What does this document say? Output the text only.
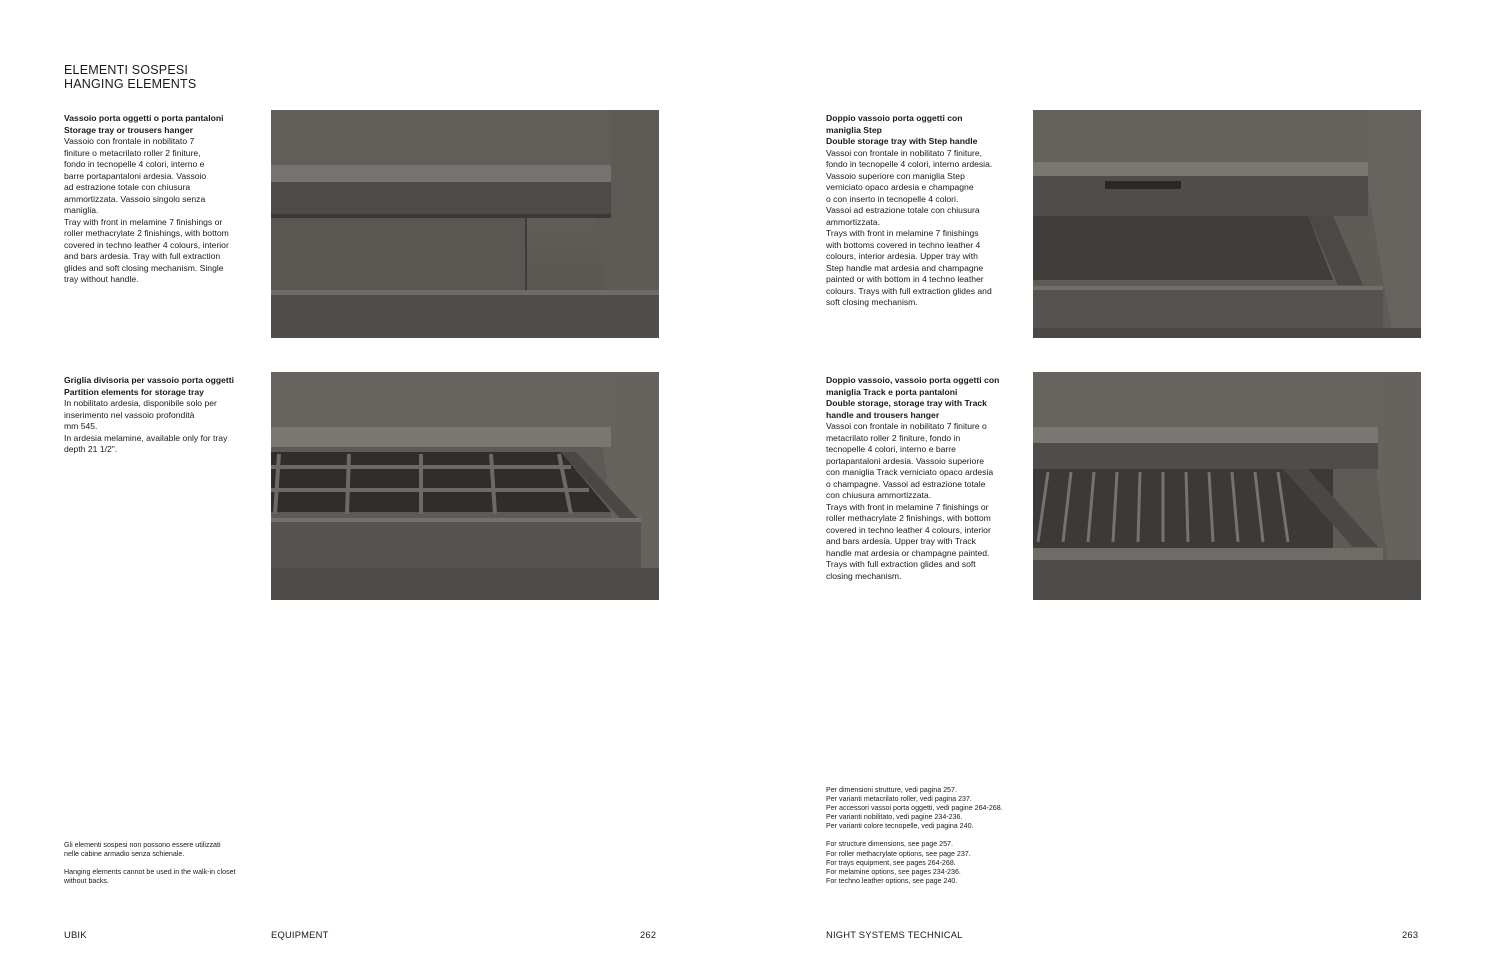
ELEMENTI SOSPESI
HANGING ELEMENTS
Vassoio porta oggetti o porta pantaloni
Storage tray or trousers hanger
Vassoio con frontale in nobilitato 7
finiture o metacrilato roller 2 finiture,
fondo in tecnopelle 4 colori, interno e
barre portapantaloni ardesia. Vassoio
ad estrazione totale con chiusura
ammortizzata. Vassoio singolo senza
maniglia.
Tray with front in melamine 7 finishings or
roller methacrylate 2 finishings, with bottom
covered in techno leather 4 colours, interior
and bars ardesia. Tray with full extraction
glides and soft closing mechanism. Single
tray without handle.
Doppio vassoio porta oggetti con
maniglia Step
Double storage tray with Step handle
Vassoi con frontale in nobilitato 7 finiture,
fondo in tecnopelle 4 colori, interno ardesia.
Vassoio superiore con maniglia Step
verniciato opaco ardesia e champagne
o con inserto in tecnopelle 4 colori.
Vassoi ad estrazione totale con chiusura
ammortizzata.
Trays with front in melamine 7 finishings
with bottoms covered in techno leather 4
colours, interior ardesia. Upper tray with
Step handle mat ardesia and champagne
painted or with bottom in 4 techno leather
colours. Trays with full extraction glides and
soft closing mechanism.
Griglia divisoria per vassoio porta oggetti
Partition elements for storage tray
In nobilitato ardesia, disponibile solo per
inserimento nel vassoio profondità
mm 545.
In ardesia melamine, available only for tray
depth 21 1/2".
Doppio vassoio, vassoio porta oggetti con
maniglia Track e porta pantaloni
Double storage, storage tray with Track
handle and trousers hanger
Vassoi con frontale in nobilitato 7 finiture o
metacrilato roller 2 finiture, fondo in
tecnopelle 4 colori, interno e barre
portapantaloni ardesia. Vassoio superiore
con maniglia Track verniciato opaco ardesia
o champagne. Vassoi ad estrazione totale
con chiusura ammortizzata.
Trays with front in melamine 7 finishings or
roller methacrylate 2 finishings, with bottom
covered in techno leather 4 colours, interior
and bars ardesia. Upper tray with Track
handle mat ardesia or champagne painted.
Trays with full extraction glides and soft
closing mechanism.
Gli elementi sospesi non possono essere utilizzati
nelle cabine armadio senza schienale.
Hanging elements cannot be used in the walk-in closet
without backs.
Per dimensioni strutture, vedi pagina 257.
Per varianti metacrilato roller, vedi pagina 237.
Per accessori vassoi porta oggetti, vedi pagine 264-268.
Per varianti nobilitato, vedi pagine 234-236.
Per varianti colore tecnopelle, vedi pagina 240.
For structure dimensions, see page 257.
For roller methacrylate options, see page 237.
For trays equipment, see pages 264-268.
For melamine options, see pages 234-236.
For techno leather options, see page 240.
UBIK	EQUIPMENT	262	NIGHT SYSTEMS TECHNICAL	263
